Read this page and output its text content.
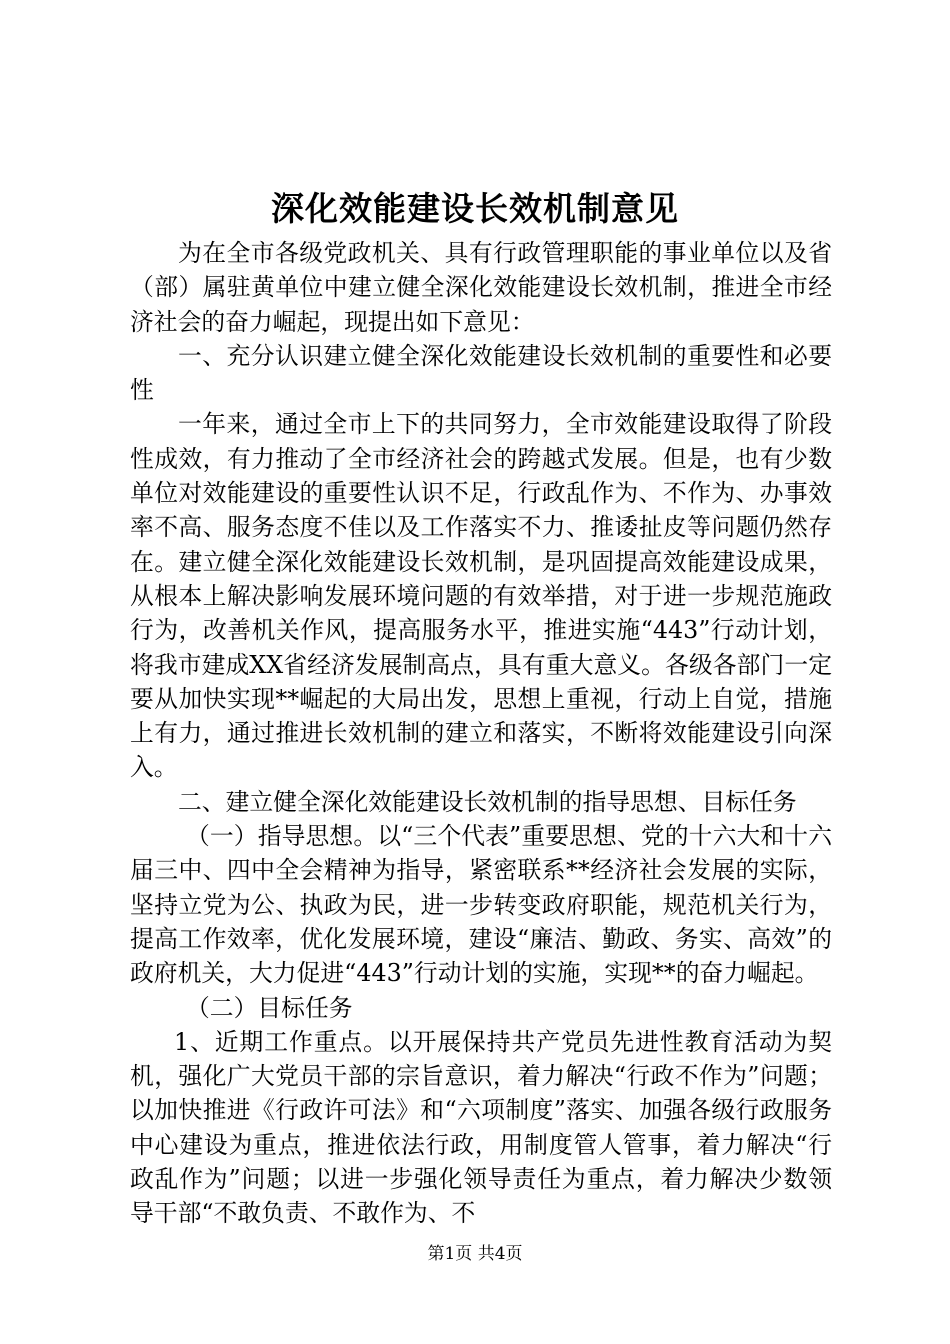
深化效能建设长效机制意见

为在全市各级党政机关、具有行政管理职能的事业单位以及省（部）属驻黄单位中建立健全深化效能建设长效机制，推进全市经济社会的奋力崛起，现提出如下意见：

一、充分认识建立健全深化效能建设长效机制的重要性和必要性

一年来，通过全市上下的共同努力，全市效能建设取得了阶段性成效，有力推动了全市经济社会的跨越式发展。但是，也有少数单位对效能建设的重要性认识不足，行政乱作为、不作为、办事效率不高、服务态度不佳以及工作落实不力、推诿扯皮等问题仍然存在。建立健全深化效能建设长效机制，是巩固提高效能建设成果，从根本上解决影响发展环境问题的有效举措，对于进一步规范施政行为，改善机关作风，提高服务水平，推进实施“443”行动计划，将我市建成XX省经济发展制高点，具有重大意义。各级各部门一定要从加快实现**崛起的大局出发，思想上重视，行动上自觉，措施上有力，通过推进长效机制的建立和落实，不断将效能建设引向深入。

二、建立健全深化效能建设长效机制的指导思想、目标任务

（一）指导思想。以“三个代表”重要思想、党的十六大和十六届三中、四中全会精神为指导，紧密联系**经济社会发展的实际，坚持立党为公、执政为民，进一步转变政府职能，规范机关行为，提高工作效率，优化发展环境，建设“廉洁、勤政、务实、高效”的政府机关，大力促进“443”行动计划的实施，实现**的奋力崛起。

（二）目标任务

1、近期工作重点。以开展保持共产党员先进性教育活动为契机，强化广大党员干部的宗旨意识，着力解决“行政不作为”问题；以加快推进《行政许可法》和“六项制度”落实、加强各级行政服务中心建设为重点，推进依法行政，用制度管人管事，着力解决“行政乱作为”问题；以进一步强化领导责任为重点，着力解决少数领导干部“不敢负责、不敢作为、不

第1页 共4页
